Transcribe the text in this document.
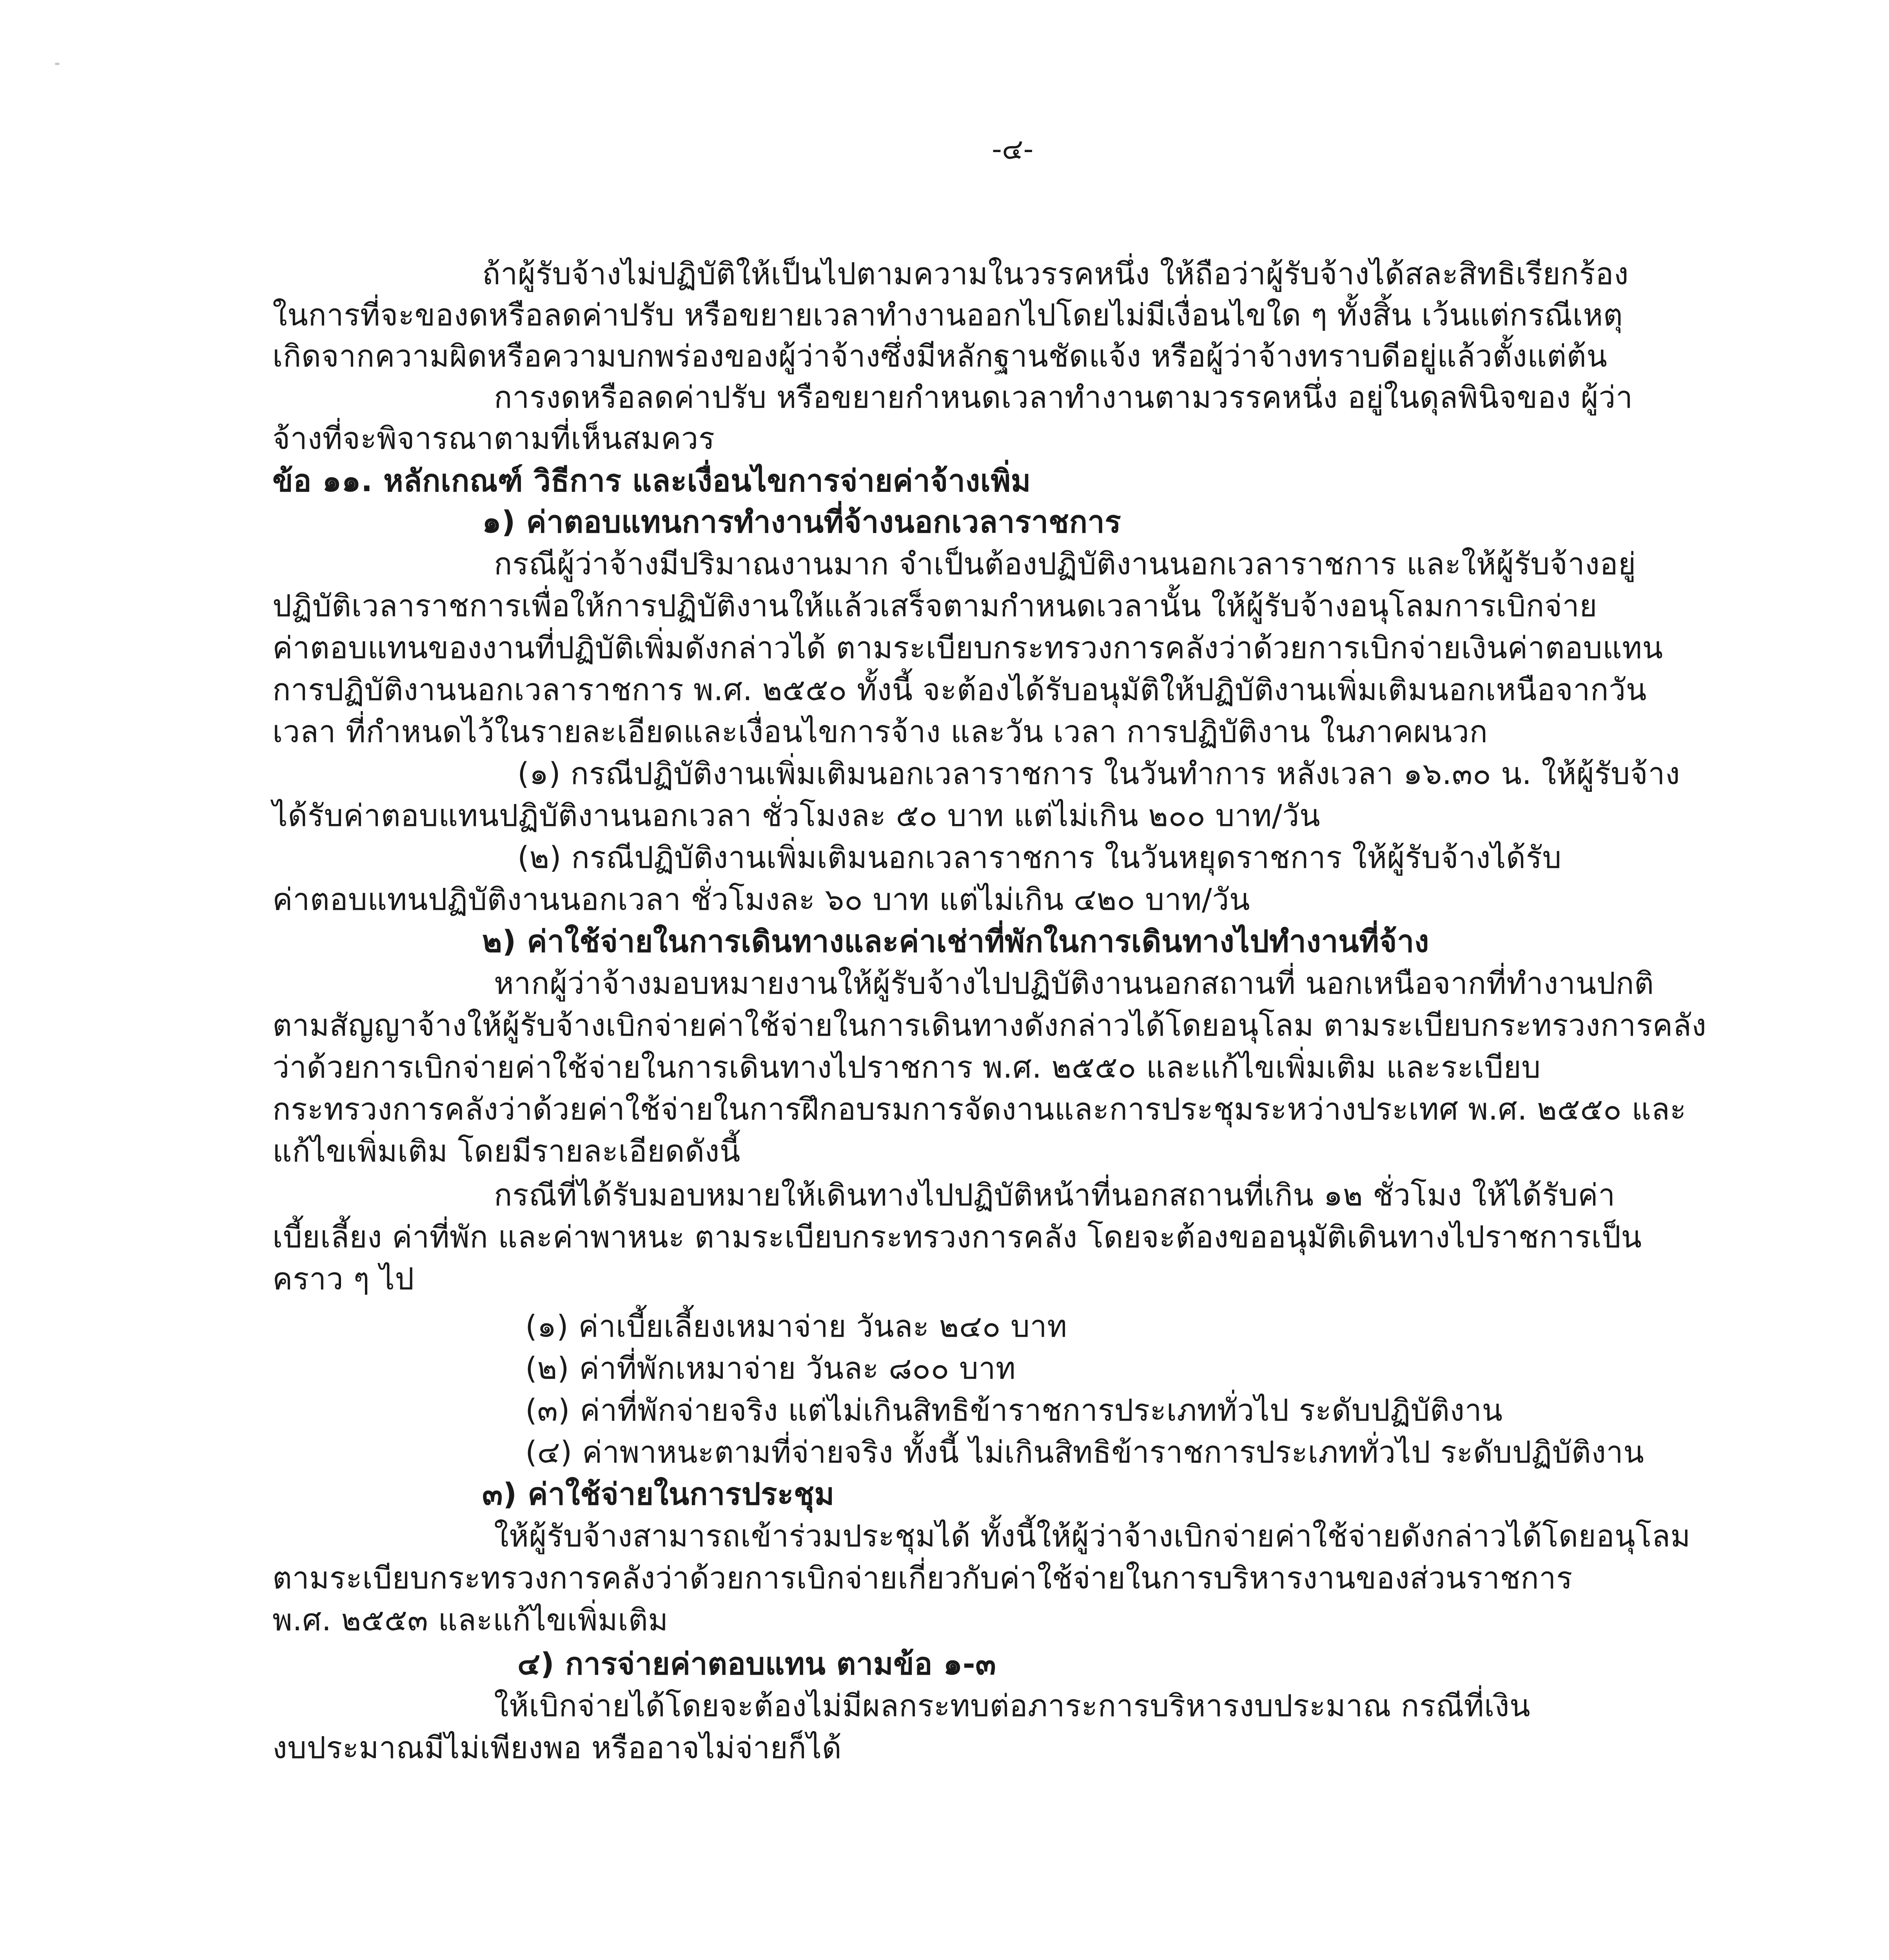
-๔-
ถ้าผู้รับจ้างไม่ปฏิบัติให้เป็นไปตามความในวรรคหนึ่ง ให้ถือว่าผู้รับจ้างได้สละสิทธิเรียกร้อง
ในการที่จะของดหรือลดค่าปรับ หรือขยายเวลาทำงานออกไปโดยไม่มีเงื่อนไขใด ๆ ทั้งสิ้น เว้นแต่กรณีเหตุ
เกิดจากความผิดหรือความบกพร่องของผู้ว่าจ้างซึ่งมีหลักฐานชัดแจ้ง หรือผู้ว่าจ้างทราบดีอยู่แล้วตั้งแต่ต้น
การงดหรือลดค่าปรับ หรือขยายกำหนดเวลาทำงานตามวรรคหนึ่ง อยู่ในดุลพินิจของ ผู้ว่า
จ้างที่จะพิจารณาตามที่เห็นสมควร
ข้อ ๑๑. หลักเกณฑ์ วิธีการ และเงื่อนไขการจ่ายค่าจ้างเพิ่ม
๑) ค่าตอบแทนการทำงานที่จ้างนอกเวลาราชการ
กรณีผู้ว่าจ้างมีปริมาณงานมาก จำเป็นต้องปฏิบัติงานนอกเวลาราชการ และให้ผู้รับจ้างอยู่
ปฏิบัติเวลาราชการเพื่อให้การปฏิบัติงานให้แล้วเสร็จตามกำหนดเวลานั้น ให้ผู้รับจ้างอนุโลมการเบิกจ่าย
ค่าตอบแทนของงานที่ปฏิบัติเพิ่มดังกล่าวได้ ตามระเบียบกระทรวงการคลังว่าด้วยการเบิกจ่ายเงินค่าตอบแทน
การปฏิบัติงานนอกเวลาราชการ พ.ศ. ๒๕๕๐ ทั้งนี้ จะต้องได้รับอนุมัติให้ปฏิบัติงานเพิ่มเติมนอกเหนือจากวัน
เวลา ที่กำหนดไว้ในรายละเอียดและเงื่อนไขการจ้าง และวัน เวลา การปฏิบัติงาน ในภาคผนวก
(๑) กรณีปฏิบัติงานเพิ่มเติมนอกเวลาราชการ ในวันทำการ หลังเวลา ๑๖.๓๐ น. ให้ผู้รับจ้าง
ได้รับค่าตอบแทนปฏิบัติงานนอกเวลา ชั่วโมงละ ๕๐ บาท แต่ไม่เกิน ๒๐๐ บาท/วัน
(๒) กรณีปฏิบัติงานเพิ่มเติมนอกเวลาราชการ ในวันหยุดราชการ ให้ผู้รับจ้างได้รับ
ค่าตอบแทนปฏิบัติงานนอกเวลา ชั่วโมงละ ๖๐ บาท แต่ไม่เกิน ๔๒๐ บาท/วัน
๒) ค่าใช้จ่ายในการเดินทางและค่าเช่าที่พักในการเดินทางไปทำงานที่จ้าง
หากผู้ว่าจ้างมอบหมายงานให้ผู้รับจ้างไปปฏิบัติงานนอกสถานที่ นอกเหนือจากที่ทำงานปกติ
ตามสัญญาจ้างให้ผู้รับจ้างเบิกจ่ายค่าใช้จ่ายในการเดินทางดังกล่าวได้โดยอนุโลม ตามระเบียบกระทรวงการคลัง
ว่าด้วยการเบิกจ่ายค่าใช้จ่ายในการเดินทางไปราชการ พ.ศ. ๒๕๕๐ และแก้ไขเพิ่มเติม และระเบียบ
กระทรวงการคลังว่าด้วยค่าใช้จ่ายในการฝึกอบรมการจัดงานและการประชุมระหว่างประเทศ พ.ศ. ๒๕๕๐ และ
แก้ไขเพิ่มเติม โดยมีรายละเอียดดังนี้
กรณีที่ได้รับมอบหมายให้เดินทางไปปฏิบัติหน้าที่นอกสถานที่เกิน ๑๒ ชั่วโมง ให้ได้รับค่า
เบี้ยเลี้ยง ค่าที่พัก และค่าพาหนะ ตามระเบียบกระทรวงการคลัง โดยจะต้องขออนุมัติเดินทางไปราชการเป็น
คราว ๆ ไป
(๑) ค่าเบี้ยเลี้ยงเหมาจ่าย วันละ ๒๔๐ บาท
(๒) ค่าที่พักเหมาจ่าย วันละ ๘๐๐ บาท
(๓) ค่าที่พักจ่ายจริง แต่ไม่เกินสิทธิข้าราชการประเภททั่วไป ระดับปฏิบัติงาน
(๔) ค่าพาหนะตามที่จ่ายจริง ทั้งนี้ ไม่เกินสิทธิข้าราชการประเภททั่วไป ระดับปฏิบัติงาน
๓) ค่าใช้จ่ายในการประชุม
ให้ผู้รับจ้างสามารถเข้าร่วมประชุมได้ ทั้งนี้ให้ผู้ว่าจ้างเบิกจ่ายค่าใช้จ่ายดังกล่าวได้โดยอนุโลม
ตามระเบียบกระทรวงการคลังว่าด้วยการเบิกจ่ายเกี่ยวกับค่าใช้จ่ายในการบริหารงานของส่วนราชการ
พ.ศ. ๒๕๕๓ และแก้ไขเพิ่มเติม
๔) การจ่ายค่าตอบแทน ตามข้อ ๑-๓
ให้เบิกจ่ายได้โดยจะต้องไม่มีผลกระทบต่อภาระการบริหารงบประมาณ กรณีที่เงิน
งบประมาณมีไม่เพียงพอ หรืออาจไม่จ่ายก็ได้
